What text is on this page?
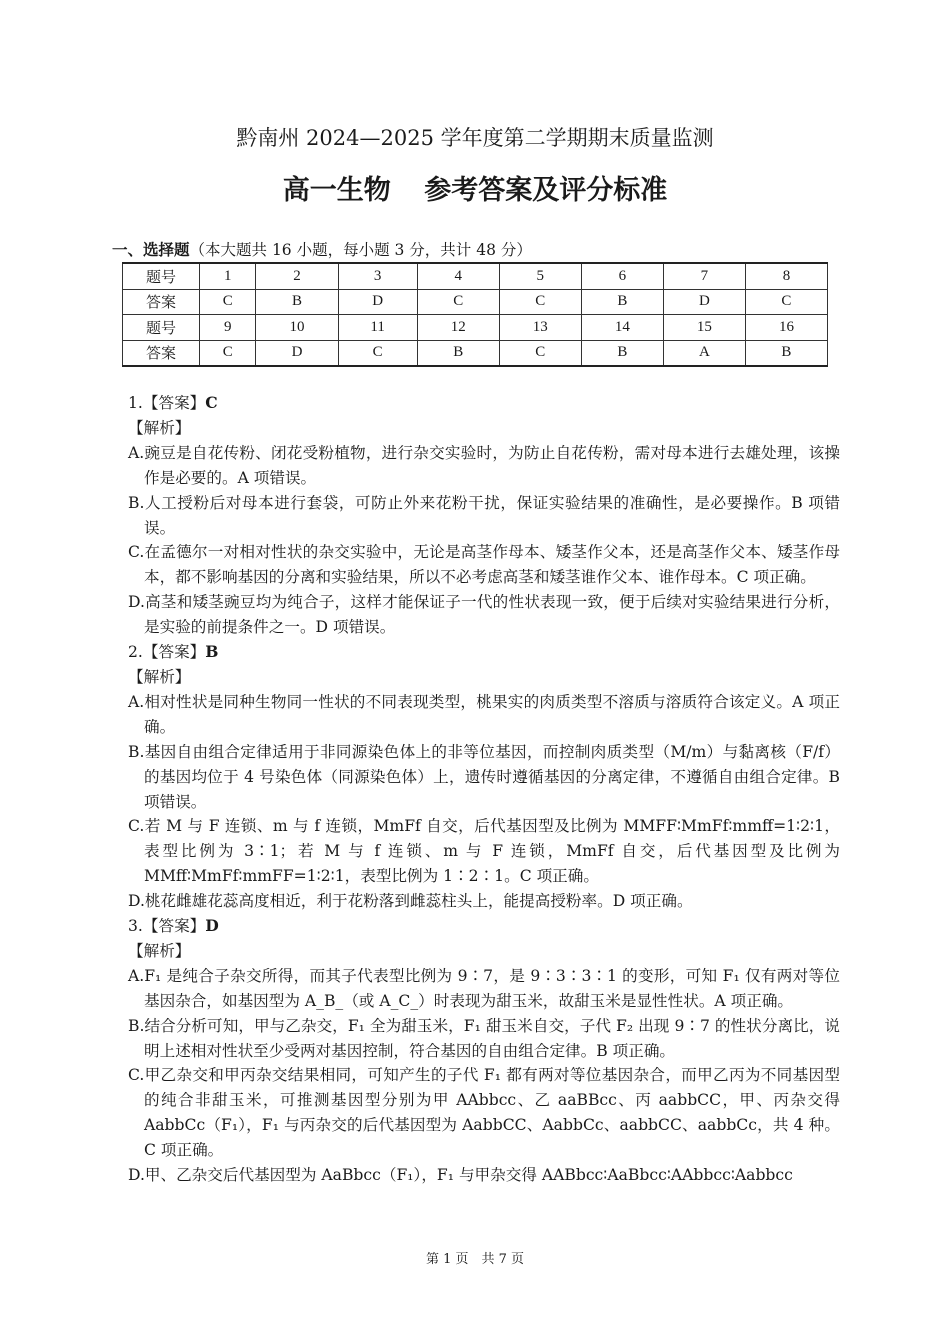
黔南州 2024—2025 学年度第二学期期末质量监测
高一生物 参考答案及评分标准
一、选择题（本大题共 16 小题，每小题 3 分，共计 48 分）
题号	1	2	3	4	5	6	7	8
答案	C	B	D	C	C	B	D	C
题号	9	10	11	12	13	14	15	16
答案	C	D	C	B	C	B	A	B
1.【答案】C
【解析】

A.豌豆是自花传粉、闭花受粉植物，进行杂交实验时，为防止自花传粉，需对母本进行去雄处理，该操作是必要的。A 项错误。

B.人工授粉后对母本进行套袋，可防止外来花粉干扰，保证实验结果的准确性，是必要操作。B 项错误。

C.在孟德尔一对相对性状的杂交实验中，无论是高茎作母本、矮茎作父本，还是高茎作父本、矮茎作母本，都不影响基因的分离和实验结果，所以不必考虑高茎和矮茎谁作父本、谁作母本。C 项正确。

D.高茎和矮茎豌豆均为纯合子，这样才能保证子一代的性状表现一致，便于后续对实验结果进行分析，是实验的前提条件之一。D 项错误。

2.【答案】B
【解析】

A.相对性状是同种生物同一性状的不同表现类型，桃果实的肉质类型不溶质与溶质符合该定义。A 项正确。

B.基因自由组合定律适用于非同源染色体上的非等位基因，而控制肉质类型（M/m）与黏离核（F/f）的基因均位于 4 号染色体（同源染色体）上，遗传时遵循基因的分离定律，不遵循自由组合定律。B 项错误。

C.若 M 与 F 连锁、m 与 f 连锁，MmFf 自交，后代基因型及比例为 MMFF∶MmFf∶mmff=1∶2∶1，表型比例为 3∶1；若 M 与 f 连锁、m 与 F 连锁，MmFf 自交，后代基因型及比例为 MMff∶MmFf∶mmFF=1∶2∶1，表型比例为 1∶2∶1。C 项正确。

D.桃花雌雄花蕊高度相近，利于花粉落到雌蕊柱头上，能提高授粉率。D 项正确。

3.【答案】D
【解析】

A.F₁ 是纯合子杂交所得，而其子代表型比例为 9∶7，是 9∶3∶3∶1 的变形，可知 F₁ 仅有两对等位基因杂合，如基因型为 A_B_（或 A_C_）时表现为甜玉米，故甜玉米是显性性状。A 项正确。

B.结合分析可知，甲与乙杂交，F₁ 全为甜玉米，F₁ 甜玉米自交，子代 F₂ 出现 9∶7 的性状分离比，说明上述相对性状至少受两对基因控制，符合基因的自由组合定律。B 项正确。

C.甲乙杂交和甲丙杂交结果相同，可知产生的子代 F₁ 都有两对等位基因杂合，而甲乙丙为不同基因型的纯合非甜玉米，可推测基因型分别为甲 AAbbcc、乙 aaBBcc、丙 aabbCC，甲、丙杂交得 AabbCc（F₁），F₁ 与丙杂交的后代基因型为 AabbCC、AabbCc、aabbCC、aabbCc，共 4 种。C 项正确。

D.甲、乙杂交后代基因型为 AaBbcc（F₁），F₁ 与甲杂交得 AABbcc∶AaBbcc∶AAbbcc∶Aabbcc

第 1 页　共 7 页
